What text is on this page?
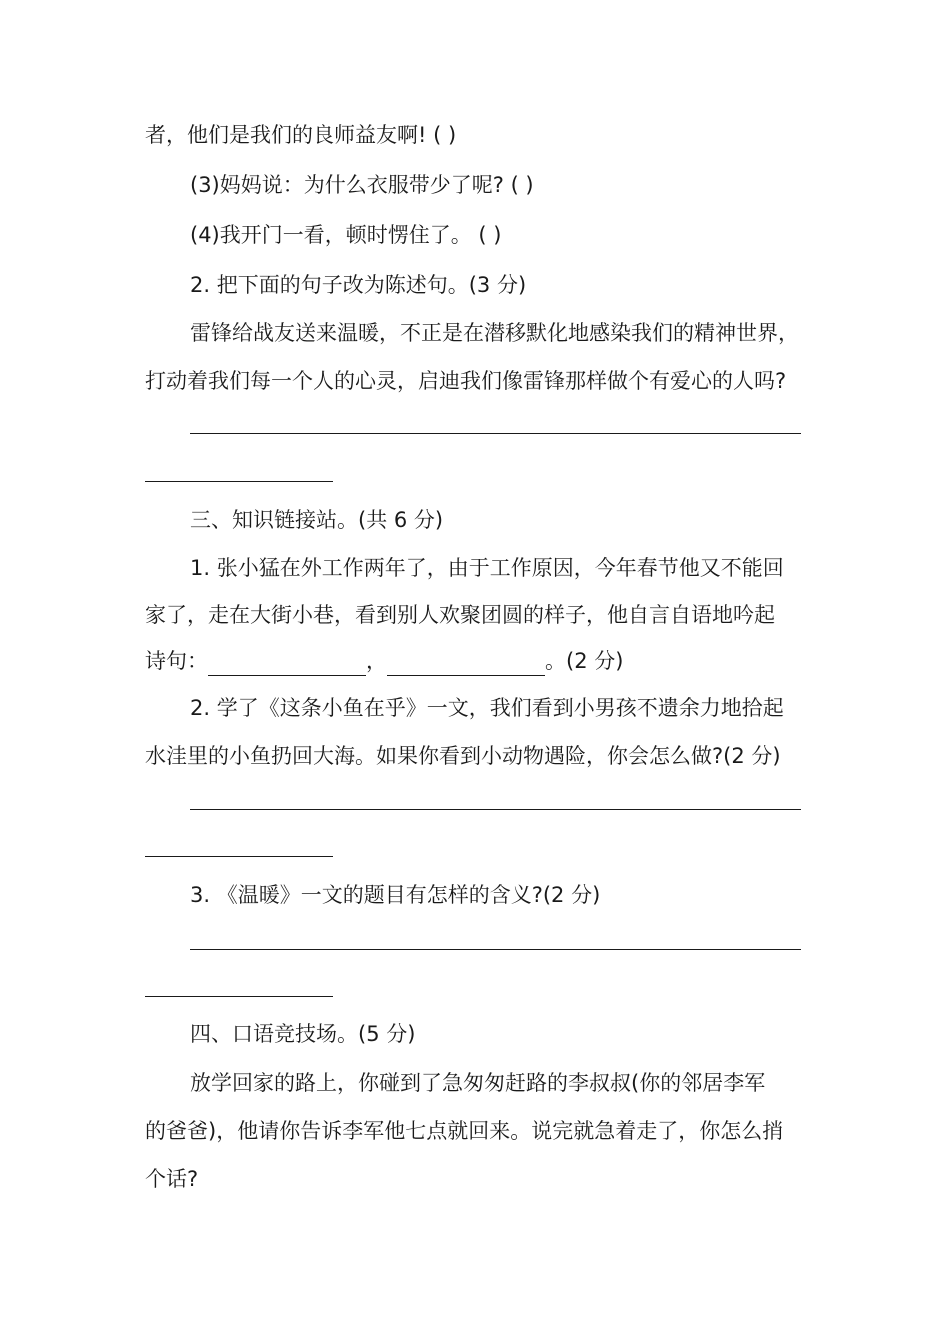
者，他们是我们的良师益友啊! ( )
(3)妈妈说：为什么衣服带少了呢? ( )
(4)我开门一看，顿时愣住了。 ( )
2. 把下面的句子改为陈述句。(3 分)
雷锋给战友送来温暖，不正是在潜移默化地感染我们的精神世界，
打动着我们每一个人的心灵，启迪我们像雷锋那样做个有爱心的人吗?
三、知识链接站。(共 6 分)
1. 张小猛在外工作两年了，由于工作原因，今年春节他又不能回
家了，走在大街小巷，看到别人欢聚团圆的样子，他自言自语地吟起
诗句：	，	。(2 分)
2. 学了《这条小鱼在乎》一文，我们看到小男孩不遗余力地拾起
水洼里的小鱼扔回大海。如果你看到小动物遇险，你会怎么做?(2 分)
3. 《温暖》一文的题目有怎样的含义?(2 分)
四、口语竞技场。(5 分)
放学回家的路上，你碰到了急匆匆赶路的李叔叔(你的邻居李军
的爸爸)，他请你告诉李军他七点就回来。说完就急着走了，你怎么捎
个话?
